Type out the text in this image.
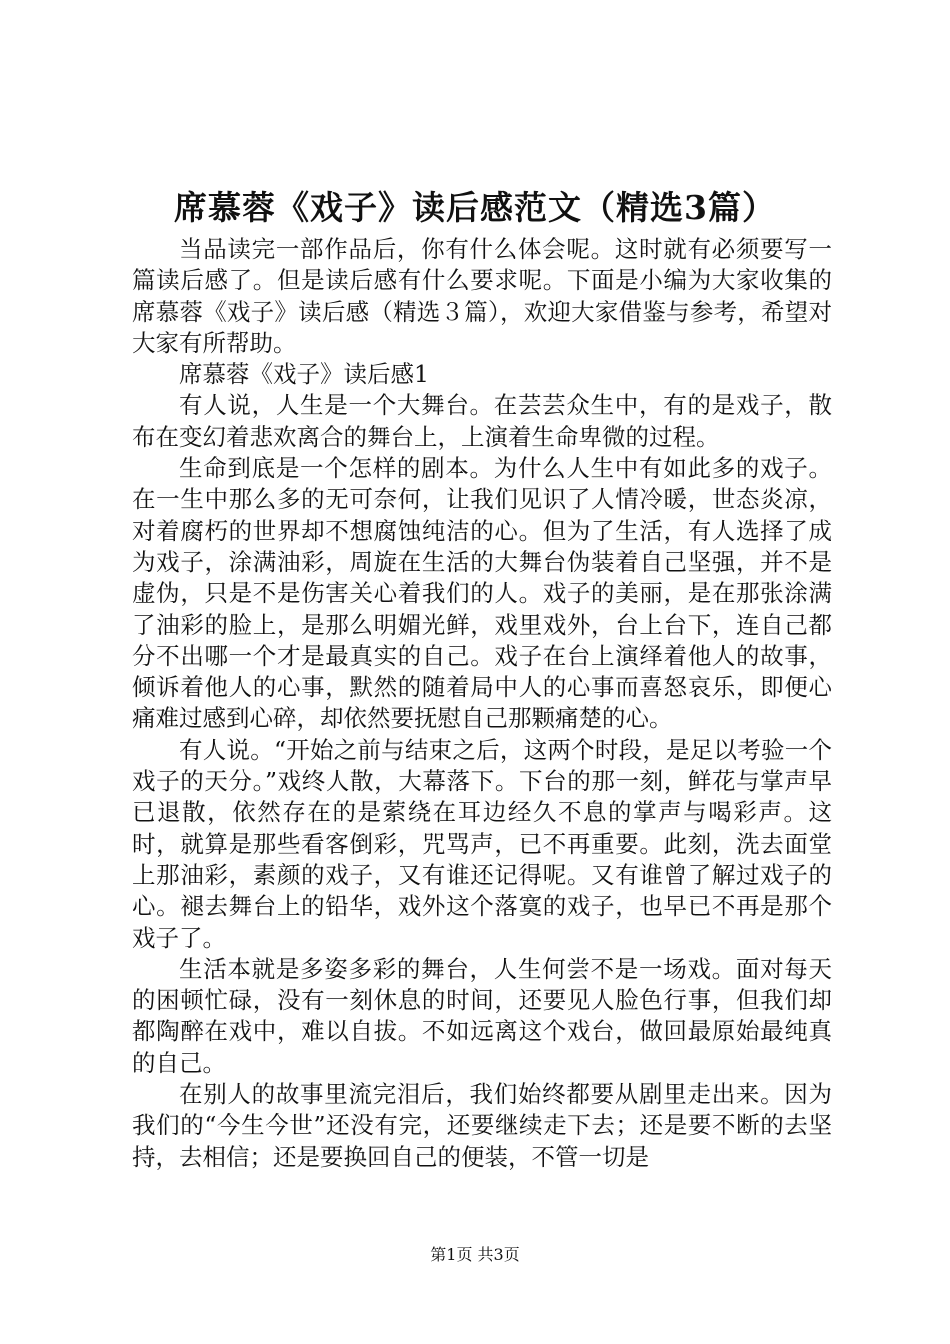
席慕蓉《戏子》读后感范文（精选3篇）

当品读完一部作品后，你有什么体会呢。这时就有必须要写一篇读后感了。但是读后感有什么要求呢。下面是小编为大家收集的席慕蓉《戏子》读后感（精选３篇），欢迎大家借鉴与参考，希望对大家有所帮助。

席慕蓉《戏子》读后感1

有人说，人生是一个大舞台。在芸芸众生中，有的是戏子，散布在变幻着悲欢离合的舞台上，上演着生命卑微的过程。

生命到底是一个怎样的剧本。为什么人生中有如此多的戏子。在一生中那么多的无可奈何，让我们见识了人情冷暖，世态炎凉，对着腐朽的世界却不想腐蚀纯洁的心。但为了生活，有人选择了成为戏子，涂满油彩，周旋在生活的大舞台伪装着自己坚强，并不是虚伪，只是不是伤害关心着我们的人。戏子的美丽，是在那张涂满了油彩的脸上，是那么明媚光鲜，戏里戏外，台上台下，连自己都分不出哪一个才是最真实的自己。戏子在台上演绎着他人的故事，倾诉着他人的心事，默然的随着局中人的心事而喜怒哀乐，即便心痛难过感到心碎，却依然要抚慰自己那颗痛楚的心。

有人说。“开始之前与结束之后，这两个时段，是足以考验一个戏子的天分。”戏终人散，大幕落下。下台的那一刻，鲜花与掌声早已退散，依然存在的是萦绕在耳边经久不息的掌声与喝彩声。这时，就算是那些看客倒彩，咒骂声，已不再重要。此刻，洗去面堂上那油彩，素颜的戏子，又有谁还记得呢。又有谁曾了解过戏子的心。褪去舞台上的铅华，戏外这个落寞的戏子，也早已不再是那个戏子了。

生活本就是多姿多彩的舞台，人生何尝不是一场戏。面对每天的困顿忙碌，没有一刻休息的时间，还要见人脸色行事，但我们却都陶醉在戏中，难以自拔。不如远离这个戏台，做回最原始最纯真的自己。

在别人的故事里流完泪后，我们始终都要从剧里走出来。因为我们的“今生今世”还没有完，还要继续走下去；还是要不断的去坚持，去相信；还是要换回自己的便装，不管一切是

第1页 共3页
